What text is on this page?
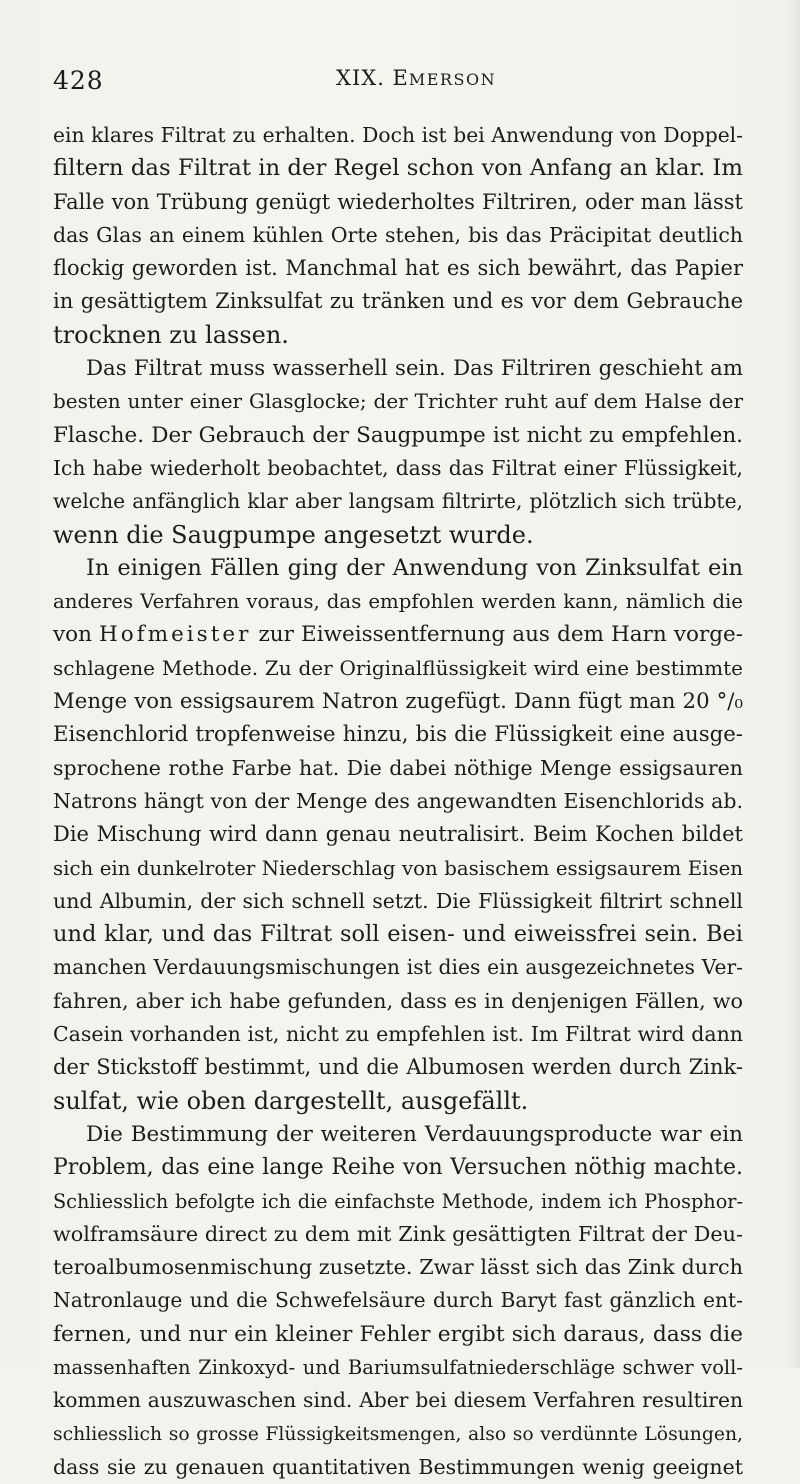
428	XIX. EMERSON
ein klares Filtrat zu erhalten. Doch ist bei Anwendung von Doppel-
filtern das Filtrat in der Regel schon von Anfang an klar. Im
Falle von Trübung genügt wiederholtes Filtriren, oder man lässt
das Glas an einem kühlen Orte stehen, bis das Präcipitat deutlich
flockig geworden ist. Manchmal hat es sich bewährt, das Papier
in gesättigtem Zinksulfat zu tränken und es vor dem Gebrauche
trocknen zu lassen.
Das Filtrat muss wasserhell sein. Das Filtriren geschieht am
besten unter einer Glasglocke; der Trichter ruht auf dem Halse der
Flasche. Der Gebrauch der Saugpumpe ist nicht zu empfehlen.
Ich habe wiederholt beobachtet, dass das Filtrat einer Flüssigkeit,
welche anfänglich klar aber langsam filtrirte, plötzlich sich trübte,
wenn die Saugpumpe angesetzt wurde.
In einigen Fällen ging der Anwendung von Zinksulfat ein
anderes Verfahren voraus, das empfohlen werden kann, nämlich die
von Hofmeister zur Eiweissentfernung aus dem Harn vorge-
schlagene Methode. Zu der Originalflüssigkeit wird eine bestimmte
Menge von essigsaurem Natron zugefügt. Dann fügt man 20 °/₀
Eisenchlorid tropfenweise hinzu, bis die Flüssigkeit eine ausge-
sprochene rothe Farbe hat. Die dabei nöthige Menge essigsauren
Natrons hängt von der Menge des angewandten Eisenchlorids ab.
Die Mischung wird dann genau neutralisirt. Beim Kochen bildet
sich ein dunkelroter Niederschlag von basischem essigsaurem Eisen
und Albumin, der sich schnell setzt. Die Flüssigkeit filtrirt schnell
und klar, und das Filtrat soll eisen- und eiweissfrei sein. Bei
manchen Verdauungsmischungen ist dies ein ausgezeichnetes Ver-
fahren, aber ich habe gefunden, dass es in denjenigen Fällen, wo
Casein vorhanden ist, nicht zu empfehlen ist. Im Filtrat wird dann
der Stickstoff bestimmt, und die Albumosen werden durch Zink-
sulfat, wie oben dargestellt, ausgefällt.
Die Bestimmung der weiteren Verdauungsproducte war ein
Problem, das eine lange Reihe von Versuchen nöthig machte.
Schliesslich befolgte ich die einfachste Methode, indem ich Phosphor-
wolframsäure direct zu dem mit Zink gesättigten Filtrat der Deu-
teroalbumosenmischung zusetzte. Zwar lässt sich das Zink durch
Natronlauge und die Schwefelsäure durch Baryt fast gänzlich ent-
fernen, und nur ein kleiner Fehler ergibt sich daraus, dass die
massenhaften Zinkoxyd- und Bariumsulfatniederschläge schwer voll-
kommen auszuwaschen sind. Aber bei diesem Verfahren resultiren
schliesslich so grosse Flüssigkeitsmengen, also so verdünnte Lösungen,
dass sie zu genauen quantitativen Bestimmungen wenig geeignet
